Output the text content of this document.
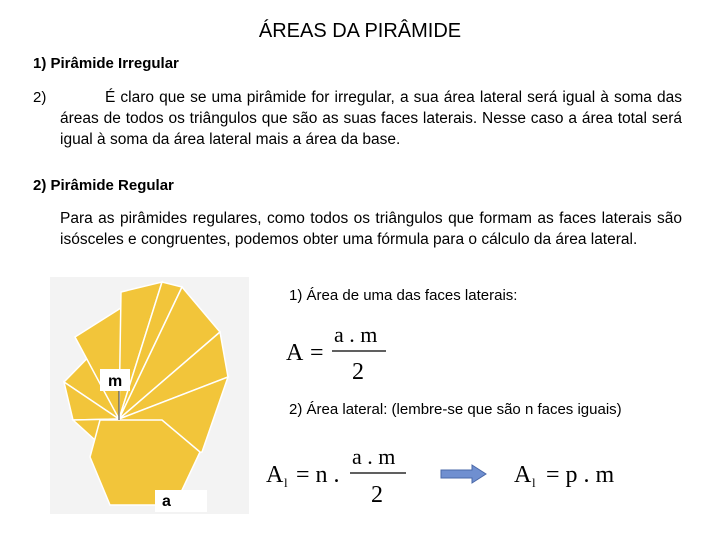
ÁREAS DA PIRÂMIDE
1) Pirâmide Irregular
2)	É claro que se uma pirâmide for irregular, a sua área lateral será igual à soma das áreas de todos os triângulos que são as suas faces laterais. Nesse caso a área total será igual à soma da área lateral mais a área da base.
2) Pirâmide Regular
Para as pirâmides regulares, como todos os triângulos que formam as faces laterais são isósceles e congruentes, podemos obter uma fórmula para o cálculo da área lateral.
m
a
1) Área de uma das faces laterais:
A =
a . m
2
2) Área lateral: (lembre-se que são n faces iguais)
A l = n .
a . m
2
A l = p . m
